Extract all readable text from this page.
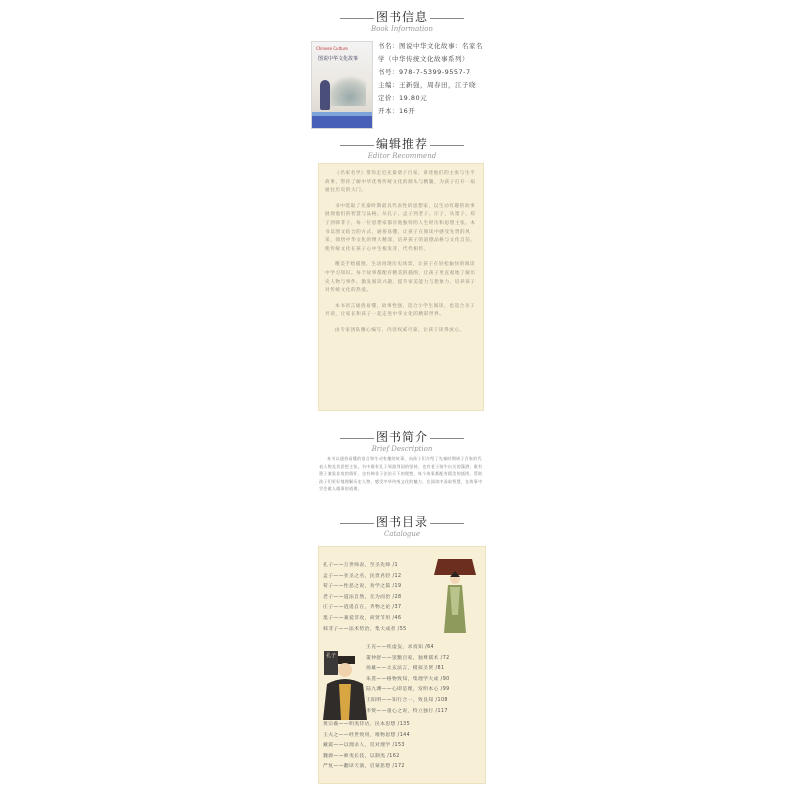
图书信息
Book Information
Chinese Culture
图说中华文化故事
书名：图说中华文化故事：名家名
学（中华传统文化故事系列）
书号：978-7-5399-9557-7
主编：王新强，周春田，江子晓
定价：19.80元
开本：16开
编辑推荐
Editor Recommend

《名家名学》带你走近先秦诸子百家，讲述他们的主张与生平故事，带你了解中华优秀传统文化的源头与精髓，为孩子打开一扇通往历史的大门。

书中选取了先秦时期最具代表性的思想家，以生动有趣的故事展现他们的智慧与品格。从孔子、孟子到老子、庄子，从墨子、荀子到韩非子，每一位思想家都有他独特的人生经历和思想主张。本书以图文结合的方式，通俗易懂，让孩子在阅读中感受先贤的风采，领悟中华文化的博大精深，培养孩子的道德品格与文化自信，使传统文化在孩子心中生根发芽，代代相传。

精美手绘插图，生动再现历史场景，让孩子在轻松愉快的阅读中学习知识。每个故事都配有精美的插图，让孩子更直观地了解历史人物与事件，激发阅读兴趣，提升审美能力与想象力，培养孩子对传统文化的热爱。

本书语言通俗易懂，故事性强，适合小学生阅读，也适合亲子共读，让家长和孩子一起走进中华文化的精彩世界。

由专家团队精心编写，内容权威可靠，让孩子读得放心。

图书简介
Brief Description

本书以通俗易懂的语言和生动有趣的故事，向孩子们介绍了先秦时期诸子百家的代表人物及其思想主张。书中既有孔子周游列国的坚持，也有老子骑牛出关的潇洒；既有墨子兼爱非攻的情怀，也有韩非子法治天下的理想。每个故事都配有精美的插图，帮助孩子们更好地理解历史人物，感受中华传统文化的魅力，在阅读中汲取智慧，在故事中学会做人做事的道理。

图书目录
Catalogue
孔子——万世师表，至圣先师 /1
孟子——亚圣之名，民贵君轻 /12
荀子——性恶之说，劝学之篇 /19
老子——道法自然，无为而治 /28
庄子——逍遥自在，齐物之论 /37
墨子——兼爱非攻，尚贤节用 /46
韩非子——法术势治，集大成者 /55
王充——疾虚妄，求真知 /64
董仲舒——罢黜百家，独尊儒术 /72
扬雄——太玄法言，模拟圣贤 /81
朱熹——格物致知，集理学大成 /90
陆九渊——心即是理，发明本心 /99
王阳明——知行合一，致良知 /108
李贽——童心之说，特立独行 /117
孔子
黄宗羲——明夷待访，民本思想 /135
王夫之——经世致用，唯物思想 /144
戴震——以理杀人，反对理学 /153
魏源——师夷长技，以制夷 /162
严复——翻译天演，启蒙思想 /172
